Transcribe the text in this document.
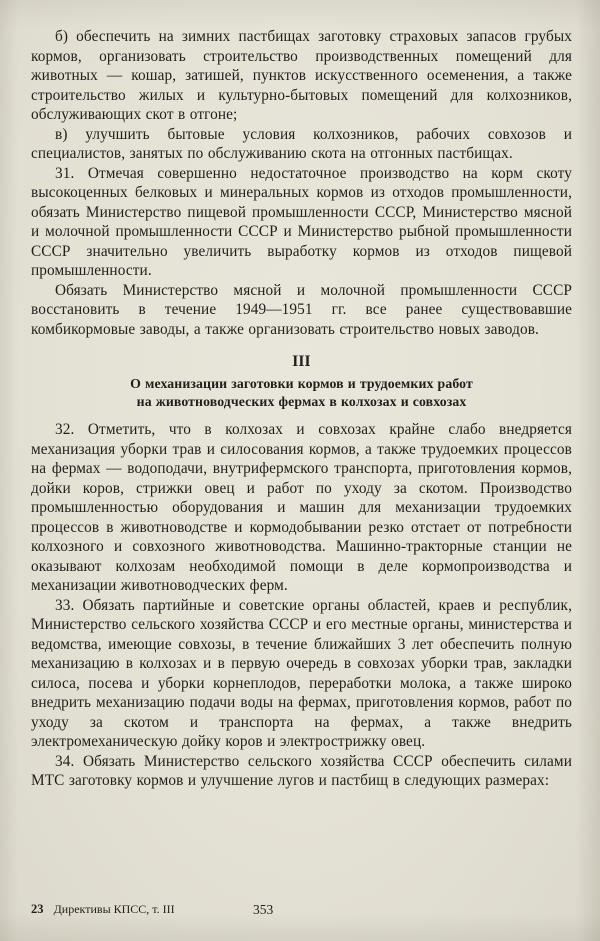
б) обеспечить на зимних пастбищах заготовку страховых запасов грубых кормов, организовать строительство производственных помещений для животных — кошар, затишей, пунктов искусственного осеменения, а также строительство жилых и культурно-бытовых помещений для колхозников, обслуживающих скот в отгоне;

в) улучшить бытовые условия колхозников, рабочих совхозов и специалистов, занятых по обслуживанию скота на отгонных пастбищах.

31. Отмечая совершенно недостаточное производство на корм скоту высокоценных белковых и минеральных кормов из отходов промышленности, обязать Министерство пищевой промышленности СССР, Министерство мясной и молочной промышленности СССР и Министерство рыбной промышленности СССР значительно увеличить выработку кормов из отходов пищевой промышленности.

Обязать Министерство мясной и молочной промышленности СССР восстановить в течение 1949—1951 гг. все ранее существовавшие комбикормовые заводы, а также организовать строительство новых заводов.

III
О механизации заготовки кормов и трудоемких работ
на животноводческих фермах в колхозах и совхозах

32. Отметить, что в колхозах и совхозах крайне слабо внедряется механизация уборки трав и силосования кормов, а также трудоемких процессов на фермах — водоподачи, внутрифермского транспорта, приготовления кормов, дойки коров, стрижки овец и работ по уходу за скотом. Производство промышленностью оборудования и машин для механизации трудоемких процессов в животноводстве и кормодобывании резко отстает от потребности колхозного и совхозного животноводства. Машинно-тракторные станции не оказывают колхозам необходимой помощи в деле кормопроизводства и механизации животноводческих ферм.

33. Обязать партийные и советские органы областей, краев и республик, Министерство сельского хозяйства СССР и его местные органы, министерства и ведомства, имеющие совхозы, в течение ближайших 3 лет обеспечить полную механизацию в колхозах и в первую очередь в совхозах уборки трав, закладки силоса, посева и уборки корнеплодов, переработки молока, а также широко внедрить механизацию подачи воды на фермах, приготовления кормов, работ по уходу за скотом и транспорта на фермах, а также внедрить электромеханическую дойку коров и электрострижку овец.

34. Обязать Министерство сельского хозяйства СССР обеспечить силами МТС заготовку кормов и улучшение лугов и пастбищ в следующих размерах:

23 Директивы КПСС, т. III	353
